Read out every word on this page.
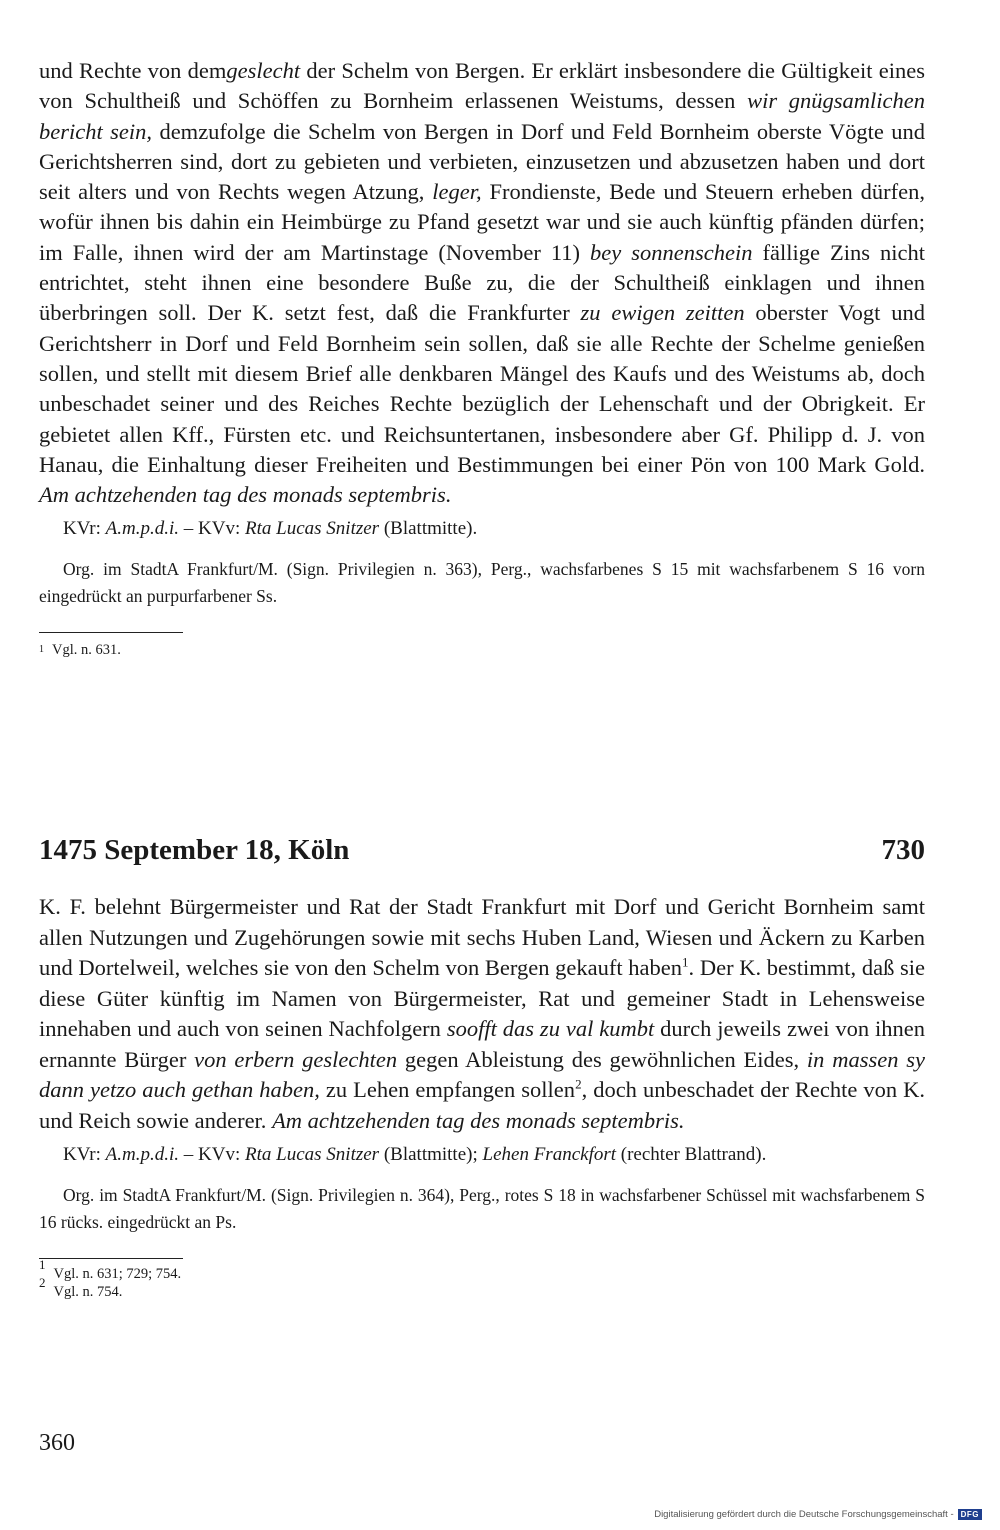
und Rechte von demgeslecht der Schelm von Bergen. Er erklärt insbesondere die Gültigkeit eines von Schultheiß und Schöffen zu Bornheim erlassenen Weistums, dessen wir gnügsamlichen bericht sein, demzufolge die Schelm von Bergen in Dorf und Feld Bornheim oberste Vögte und Gerichtsherren sind, dort zu gebieten und verbieten, einzusetzen und abzusetzen haben und dort seit alters und von Rechts wegen Atzung, leger, Frondienste, Bede und Steuern erheben dürfen, wofür ihnen bis dahin ein Heimbürge zu Pfand gesetzt war und sie auch künftig pfänden dürfen; im Falle, ihnen wird der am Martinstage (November 11) bey sonnenschein fällige Zins nicht entrichtet, steht ihnen eine besondere Buße zu, die der Schultheiß einklagen und ihnen überbringen soll. Der K. setzt fest, daß die Frankfurter zu ewigen zeitten oberster Vogt und Gerichtsherr in Dorf und Feld Bornheim sein sollen, daß sie alle Rechte der Schelme genießen sollen, und stellt mit diesem Brief alle denkbaren Mängel des Kaufs und des Weistums ab, doch unbeschadet seiner und des Reiches Rechte bezüglich der Lehenschaft und der Obrigkeit. Er gebietet allen Kff., Fürsten etc. und Reichsuntertanen, insbesondere aber Gf. Philipp d. J. von Hanau, die Einhaltung dieser Freiheiten und Bestimmungen bei einer Pön von 100 Mark Gold. Am achtzehenden tag des monads septembris.

KVr: A.m.p.d.i. – KVv: Rta Lucas Snitzer (Blattmitte).

Org. im StadtA Frankfurt/M. (Sign. Privilegien n. 363), Perg., wachsfarbenes S 15 mit wachsfarbenem S 16 vorn eingedrückt an purpurfarbener Ss.

$^1$ Vgl. n. 631.

1475 September 18, Köln	730

K. F. belehnt Bürgermeister und Rat der Stadt Frankfurt mit Dorf und Gericht Bornheim samt allen Nutzungen und Zugehörungen sowie mit sechs Huben Land, Wiesen und Äckern zu Karben und Dortelweil, welches sie von den Schelm von Bergen gekauft haben$^1$. Der K. bestimmt, daß sie diese Güter künftig im Namen von Bürgermeister, Rat und gemeiner Stadt in Lehensweise innehaben und auch von seinen Nachfolgern soofft das zu val kumbt durch jeweils zwei von ihnen ernannte Bürger von erbern geslechten gegen Ableistung des gewöhnlichen Eides, in massen sy dann yetzo auch gethan haben, zu Lehen empfangen sollen$^2$, doch unbeschadet der Rechte von K. und Reich sowie anderer. Am achtzehenden tag des monads septembris.

KVr: A.m.p.d.i. – KVv: Rta Lucas Snitzer (Blattmitte); Lehen Franckfort (rechter Blattrand).

Org. im StadtA Frankfurt/M. (Sign. Privilegien n. 364), Perg., rotes S 18 in wachsfarbener Schüssel mit wachsfarbenem S 16 rücks. eingedrückt an Ps.

$^1$Vgl. n. 631; 729; 754.

$^2$Vgl. n. 754.

360
Digitalisierung gefördert durch die Deutsche Forschungsgemeinschaft - DFG
